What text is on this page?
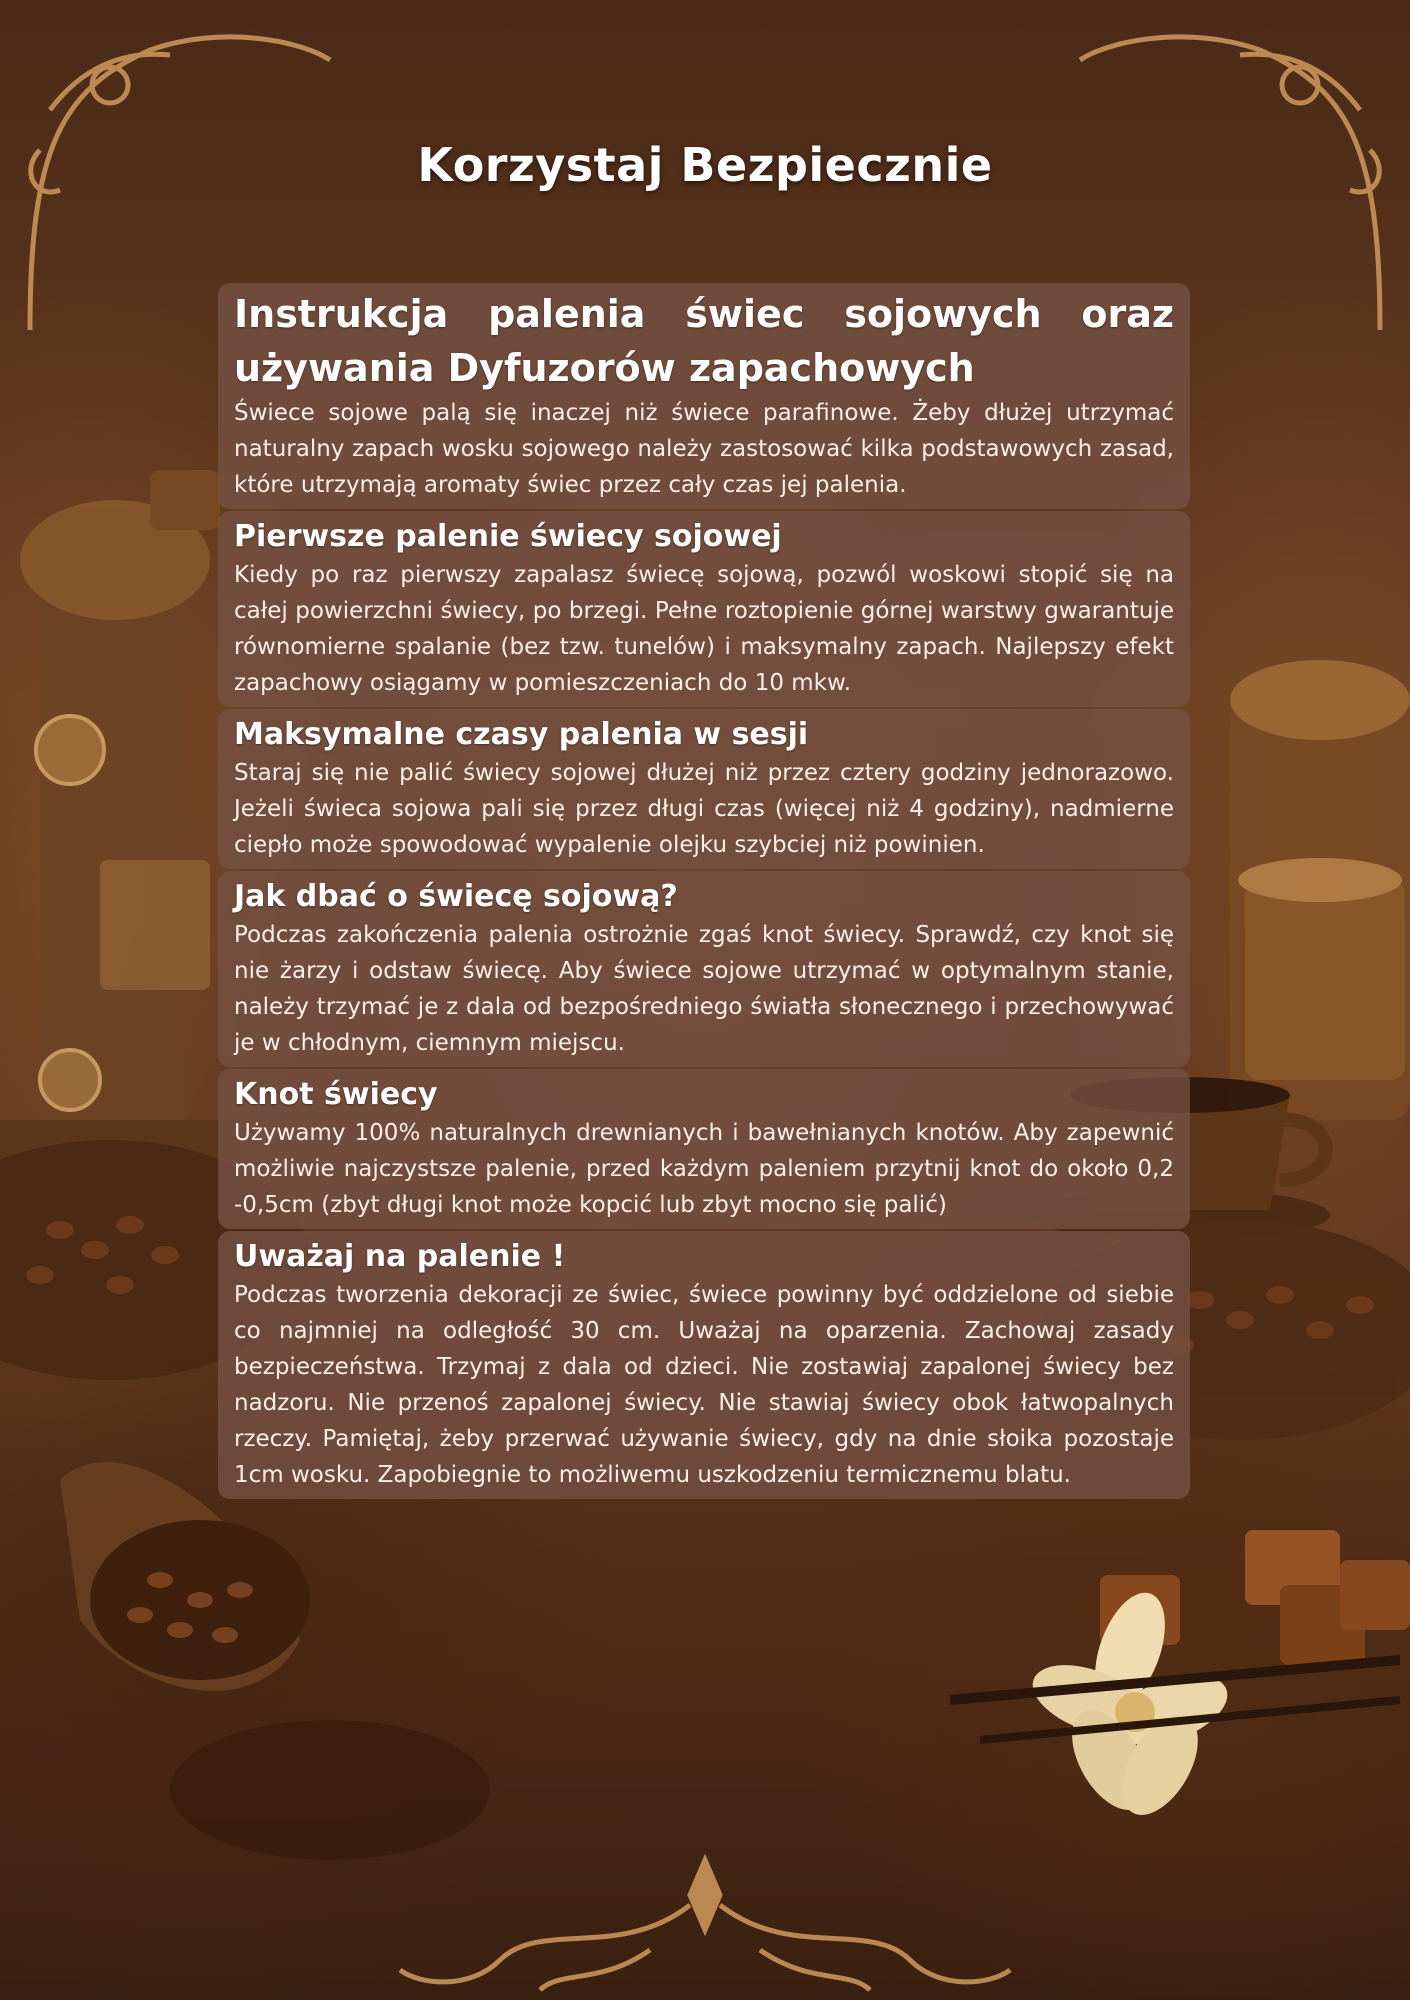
Korzystaj Bezpiecznie
Instrukcja palenia świec sojowych oraz używania Dyfuzorów zapachowych
Świece sojowe palą się inaczej niż świece parafinowe. Żeby dłużej utrzymać naturalny zapach wosku sojowego należy zastosować kilka podstawowych zasad, które utrzymają aromaty świec przez cały czas jej palenia.
Pierwsze palenie świecy sojowej
Kiedy po raz pierwszy zapalasz świecę sojową, pozwól woskowi stopić się na całej powierzchni świecy, po brzegi. Pełne roztopienie górnej warstwy gwarantuje równomierne spalanie (bez tzw. tunelów) i maksymalny zapach. Najlepszy efekt zapachowy osiągamy w pomieszczeniach do 10 mkw.
Maksymalne czasy palenia w sesji
Staraj się nie palić świecy sojowej dłużej niż przez cztery godziny jednorazowo. Jeżeli świeca sojowa pali się przez długi czas (więcej niż 4 godziny), nadmierne ciepło może spowodować wypalenie olejku szybciej niż powinien.
Jak dbać o świecę sojową?
Podczas zakończenia palenia ostrożnie zgaś knot świecy. Sprawdź, czy knot się nie żarzy i odstaw świecę. Aby świece sojowe utrzymać w optymalnym stanie, należy trzymać je z dala od bezpośredniego światła słonecznego i przechowywać je w chłodnym, ciemnym miejscu.
Knot świecy
Używamy 100% naturalnych drewnianych i bawełnianych knotów. Aby zapewnić możliwie najczystsze palenie, przed każdym paleniem przytnij knot do około 0,2 -0,5cm (zbyt długi knot może kopcić lub zbyt mocno się palić)
Uważaj na palenie !
Podczas tworzenia dekoracji ze świec, świece powinny być oddzielone od siebie co najmniej na odległość 30 cm. Uważaj na oparzenia. Zachowaj zasady bezpieczeństwa. Trzymaj z dala od dzieci. Nie zostawiaj zapalonej świecy bez nadzoru. Nie przenoś zapalonej świecy. Nie stawiaj świecy obok łatwopalnych rzeczy. Pamiętaj, żeby przerwać używanie świecy, gdy na dnie słoika pozostaje 1cm wosku. Zapobiegnie to możliwemu uszkodzeniu termicznemu blatu.
